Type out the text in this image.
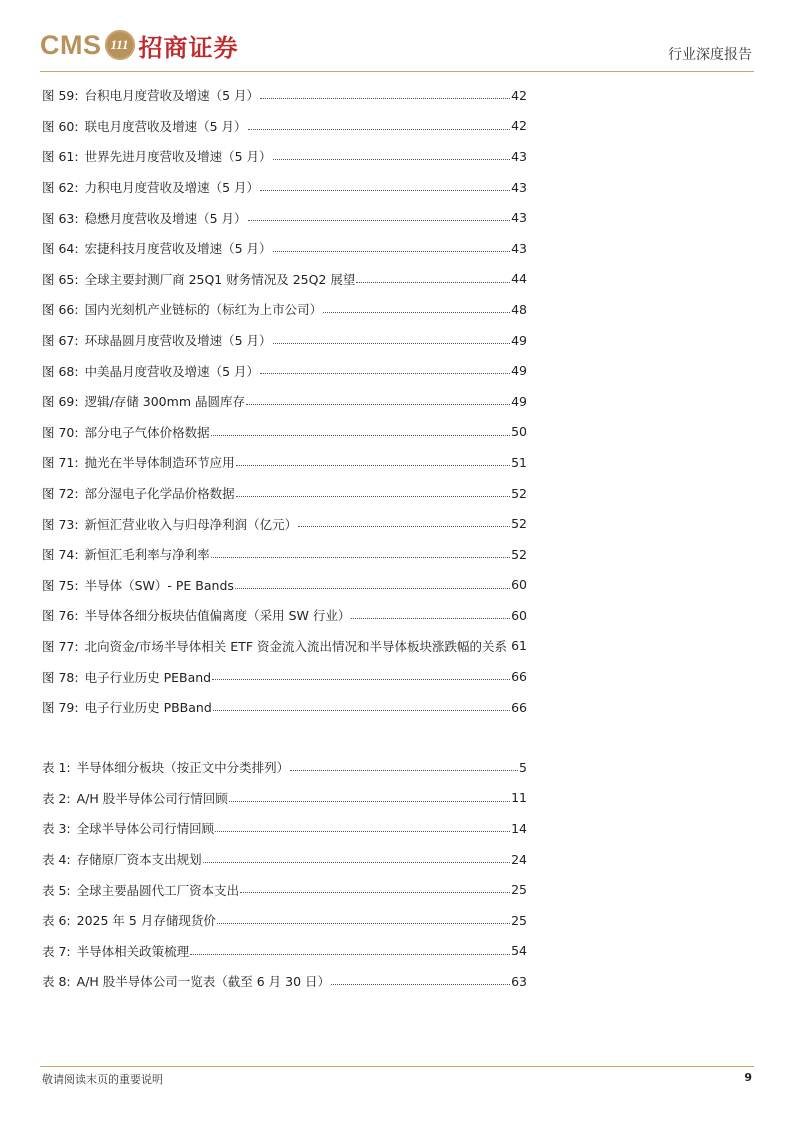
CMS 111 招商证券	行业深度报告
图 59: 台积电月度营收及增速（5 月）	42
图 60: 联电月度营收及增速（5 月）	42
图 61: 世界先进月度营收及增速（5 月）	43
图 62: 力积电月度营收及增速（5 月）	43
图 63: 稳懋月度营收及增速（5 月）	43
图 64: 宏捷科技月度营收及增速（5 月）	43
图 65: 全球主要封测厂商 25Q1 财务情况及 25Q2 展望	44
图 66: 国内光刻机产业链标的（标红为上市公司）	48
图 67: 环球晶圆月度营收及增速（5 月）	49
图 68: 中美晶月度营收及增速（5 月）	49
图 69: 逻辑/存储 300mm 晶圆库存	49
图 70: 部分电子气体价格数据	50
图 71: 抛光在半导体制造环节应用	51
图 72: 部分湿电子化学品价格数据	52
图 73: 新恒汇营业收入与归母净利润（亿元）	52
图 74: 新恒汇毛利率与净利率	52
图 75: 半导体（SW）- PE Bands	60
图 76: 半导体各细分板块估值偏离度（采用 SW 行业）	60
图 77: 北向资金/市场半导体相关 ETF 资金流入流出情况和半导体板块涨跌幅的关系 61
图 78: 电子行业历史 PEBand	66
图 79: 电子行业历史 PBBand	66
表 1: 半导体细分板块（按正文中分类排列）	5
表 2: A/H 股半导体公司行情回顾	11
表 3: 全球半导体公司行情回顾	14
表 4: 存储原厂资本支出规划	24
表 5: 全球主要晶圆代工厂资本支出	25
表 6: 2025 年 5 月存储现货价	25
表 7: 半导体相关政策梳理	54
表 8: A/H 股半导体公司一览表（截至 6 月 30 日）	63
敬请阅读末页的重要说明	9
